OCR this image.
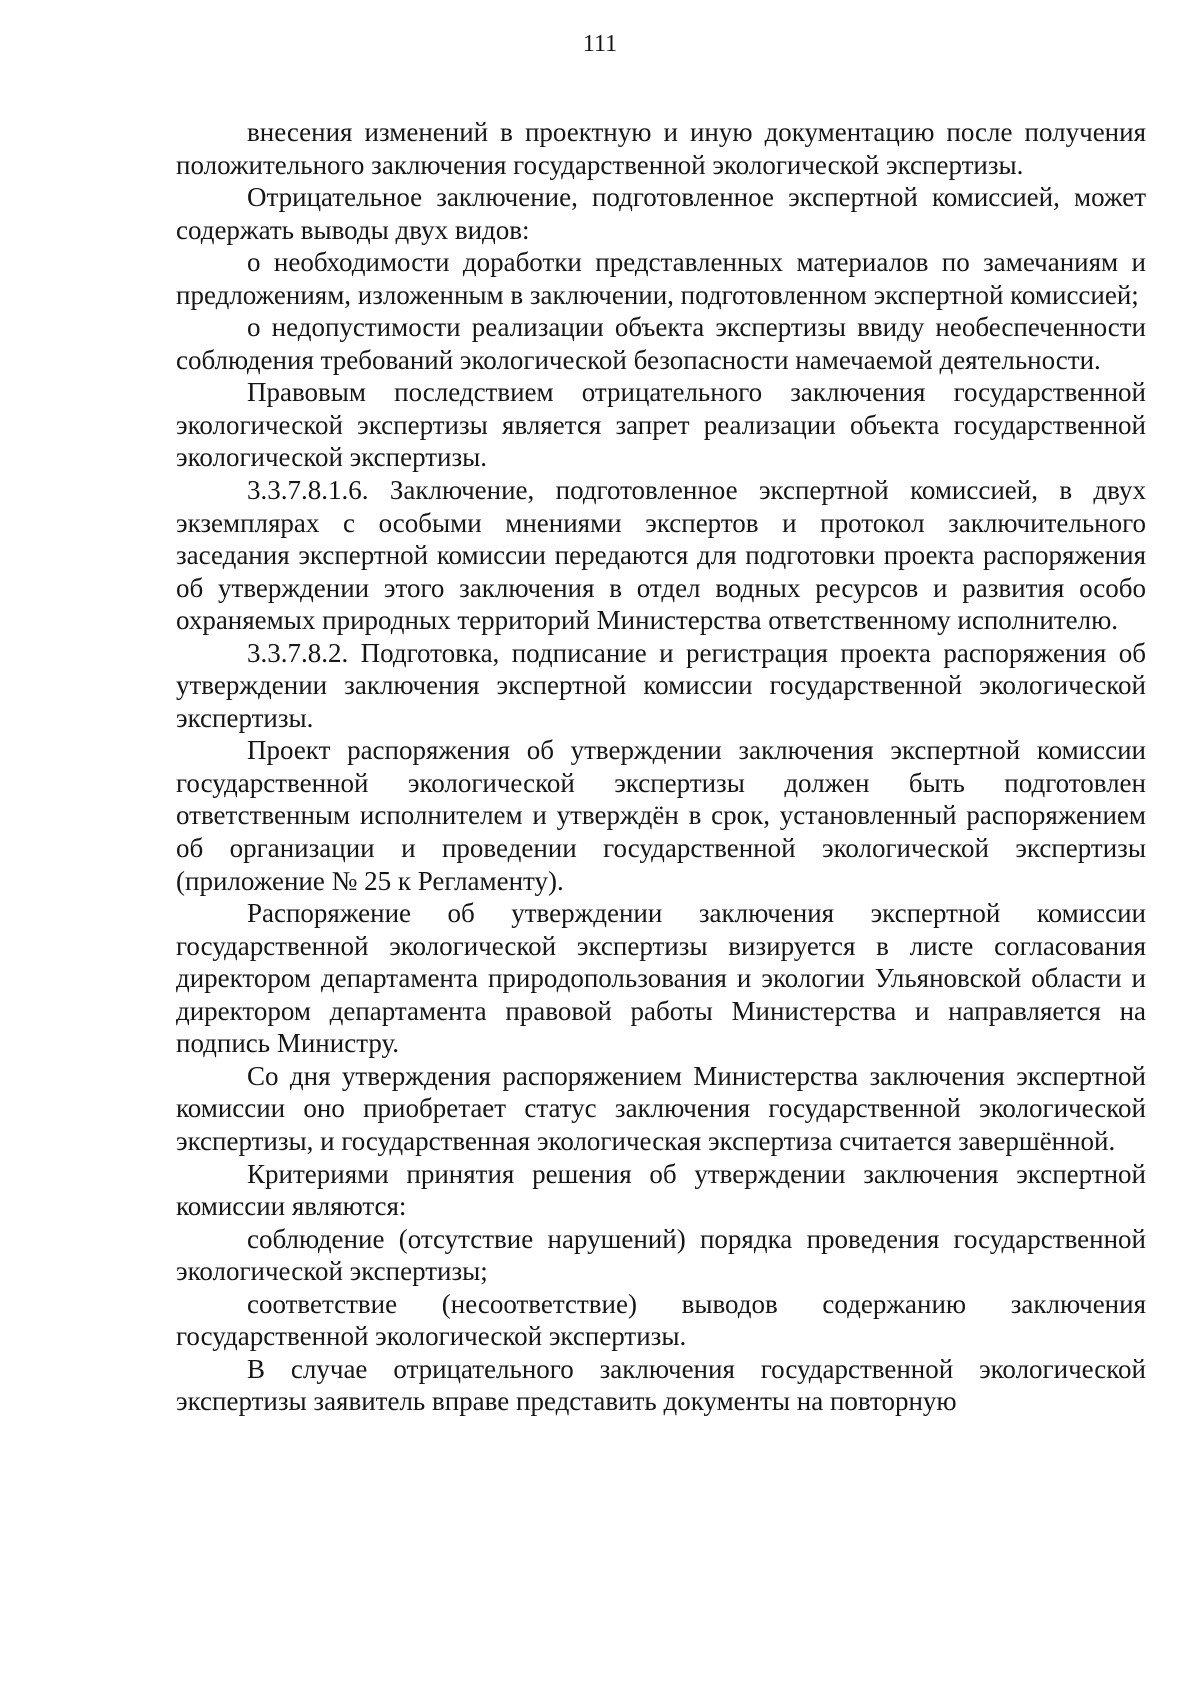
111

внесения изменений в проектную и иную документацию после получения положительного заключения государственной экологической экспертизы.

Отрицательное заключение, подготовленное экспертной комиссией, может содержать выводы двух видов:

о необходимости доработки представленных материалов по замечаниям и предложениям, изложенным в заключении, подготовленном экспертной комиссией;

о недопустимости реализации объекта экспертизы ввиду необеспеченности соблюдения требований экологической безопасности намечаемой деятельности.

Правовым последствием отрицательного заключения государственной экологической экспертизы является запрет реализации объекта государственной экологической экспертизы.

3.3.7.8.1.6. Заключение, подготовленное экспертной комиссией, в двух экземплярах с особыми мнениями экспертов и протокол заключительного заседания экспертной комиссии передаются для подготовки проекта распоряжения об утверждении этого заключения в отдел водных ресурсов и развития особо охраняемых природных территорий Министерства ответственному исполнителю.

3.3.7.8.2. Подготовка, подписание и регистрация проекта распоряжения об утверждении заключения экспертной комиссии государственной экологической экспертизы.

Проект распоряжения об утверждении заключения экспертной комиссии государственной экологической экспертизы должен быть подготовлен ответственным исполнителем и утверждён в срок, установленный распоряжением об организации и проведении государственной экологической экспертизы (приложение № 25 к Регламенту).

Распоряжение об утверждении заключения экспертной комиссии государственной экологической экспертизы визируется в листе согласования директором департамента природопользования и экологии Ульяновской области и директором департамента правовой работы Министерства и направляется на подпись Министру.

Со дня утверждения распоряжением Министерства заключения экспертной комиссии оно приобретает статус заключения государственной экологической экспертизы, и государственная экологическая экспертиза считается завершённой.

Критериями принятия решения об утверждении заключения экспертной комиссии являются:

соблюдение (отсутствие нарушений) порядка проведения государственной экологической экспертизы;

соответствие (несоответствие) выводов содержанию заключения государственной экологической экспертизы.

В случае отрицательного заключения государственной экологической экспертизы заявитель вправе представить документы на повторную
